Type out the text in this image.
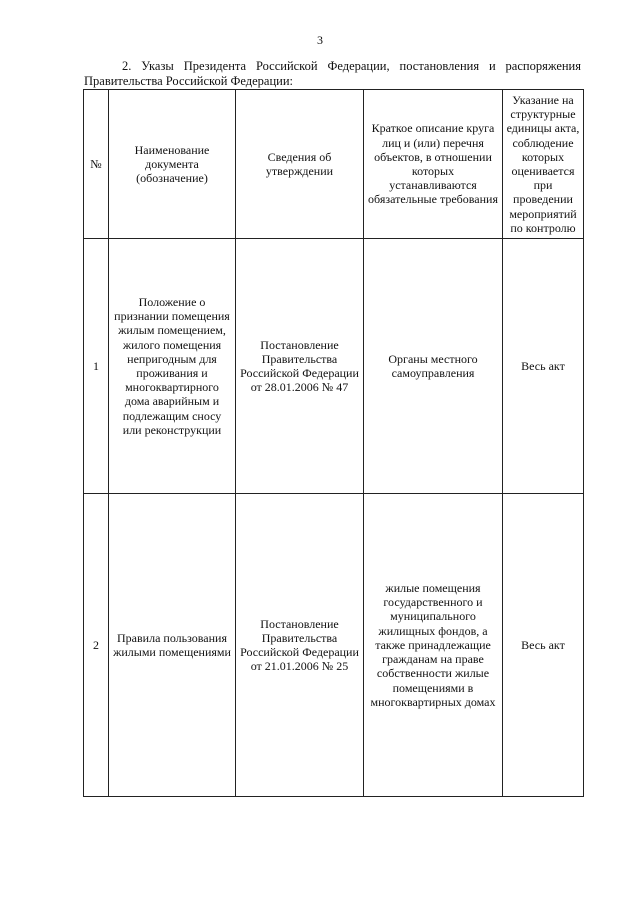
3
2. Указы Президента Российской Федерации, постановления и распоряжения
Правительства Российской Федерации:
№	Наименование документа (обозначение)	Сведения об утверждении	Краткое описание круга лиц и (или) перечня объектов, в отношении которых устанавливаются обязательные требования	Указание на структурные единицы акта, соблюдение которых оценивается при проведении мероприятий по контролю
1	Положение о признании помещения жилым помещением, жилого помещения непригодным для проживания и многоквартирного дома аварийным и подлежащим сносу или реконструкции	Постановление Правительства Российской Федерации от 28.01.2006 № 47	Органы местного самоуправления	Весь акт
2	Правила пользования жилыми помещениями	Постановление Правительства Российской Федерации от 21.01.2006 № 25	жилые помещения государственного и муниципального жилищных фондов, а также принадлежащие гражданам на праве собственности жилые помещениями в многоквартирных домах	Весь акт
